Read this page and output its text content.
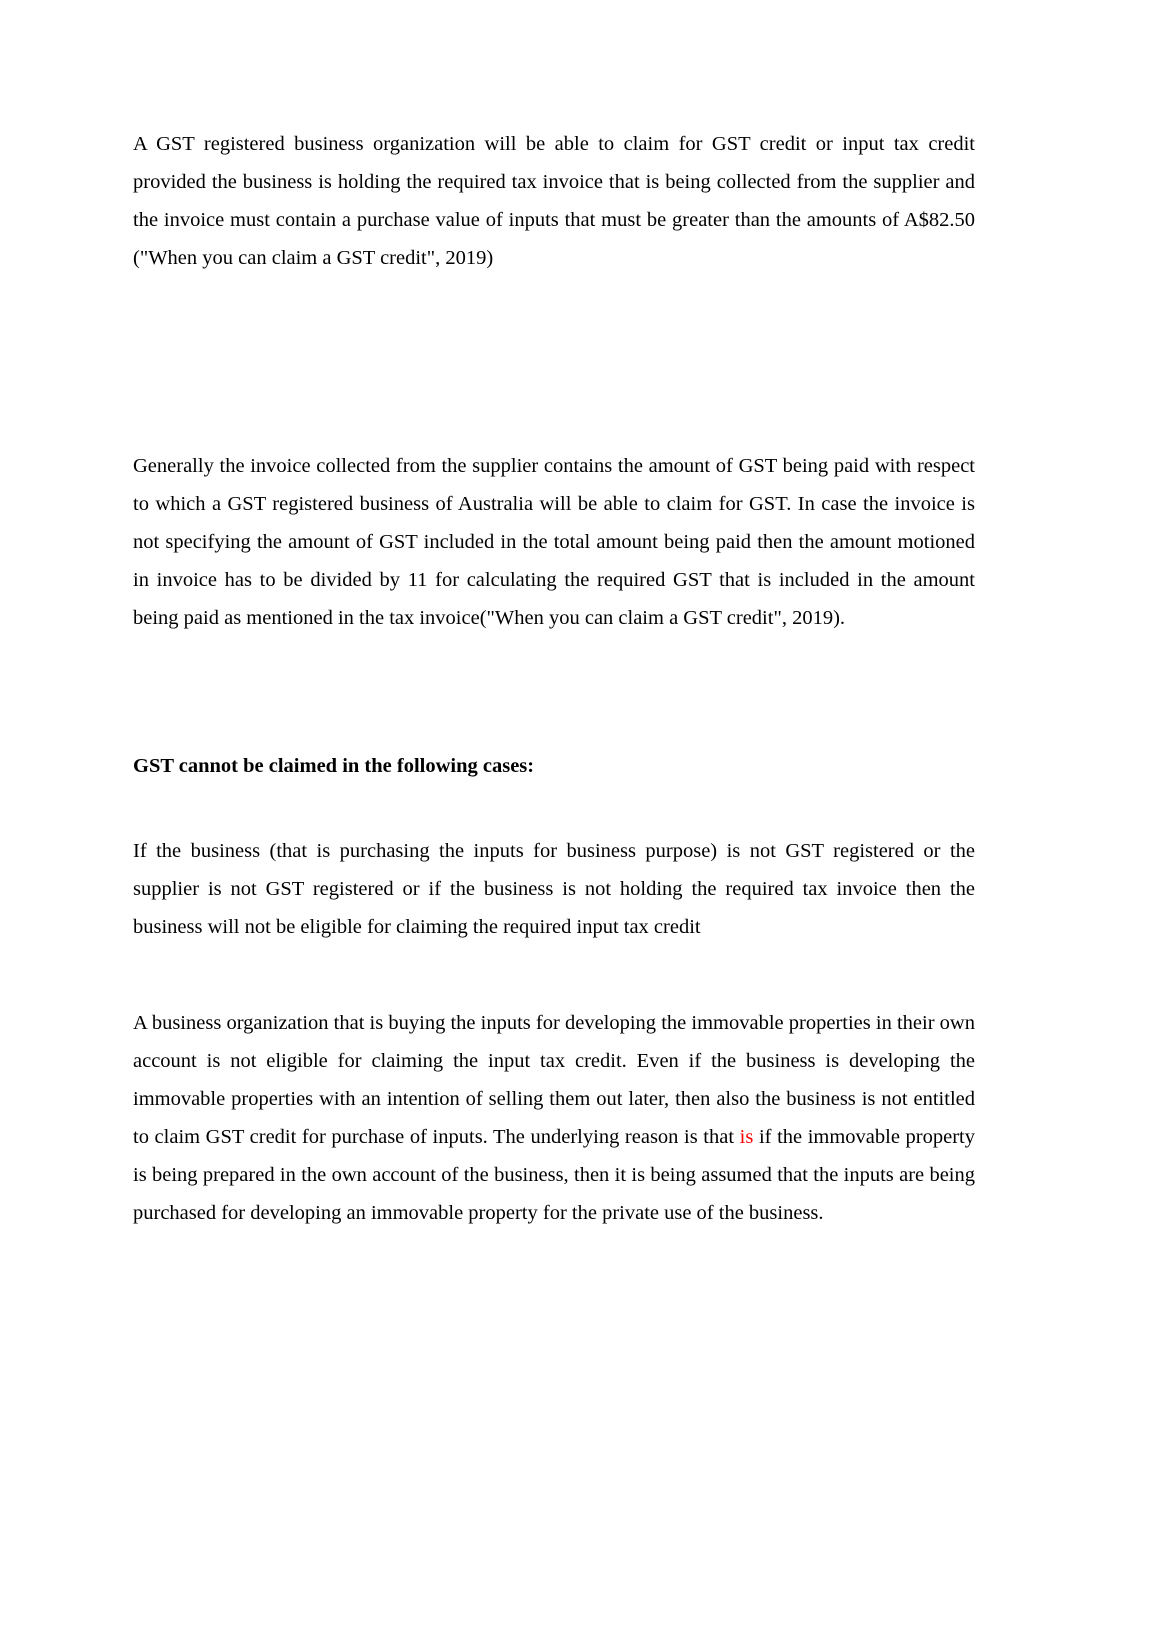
A GST registered business organization will be able to claim for GST credit or input tax credit provided the business is holding the required tax invoice that is being collected from the supplier and the invoice must contain a purchase value of inputs that must be greater than the amounts of A$82.50 ("When you can claim a GST credit", 2019)

Generally the invoice collected from the supplier contains the amount of GST being paid with respect to which a GST registered business of Australia will be able to claim for GST. In case the invoice is not specifying the amount of GST included in the total amount being paid then the amount motioned in invoice has to be divided by 11 for calculating the required GST that is included in the amount being paid as mentioned in the tax invoice("When you can claim a GST credit", 2019).

GST cannot be claimed in the following cases:

If the business (that is purchasing the inputs for business purpose) is not GST registered or the supplier is not GST registered or if the business is not holding the required tax invoice then the business will not be eligible for claiming the required input tax credit

A business organization that is buying the inputs for developing the immovable properties in their own account is not eligible for claiming the input tax credit. Even if the business is developing the immovable properties with an intention of selling them out later, then also the business is not entitled to claim GST credit for purchase of inputs. The underlying reason is that is if the immovable property is being prepared in the own account of the business, then it is being assumed that the inputs are being purchased for developing an immovable property for the private use of the business.
